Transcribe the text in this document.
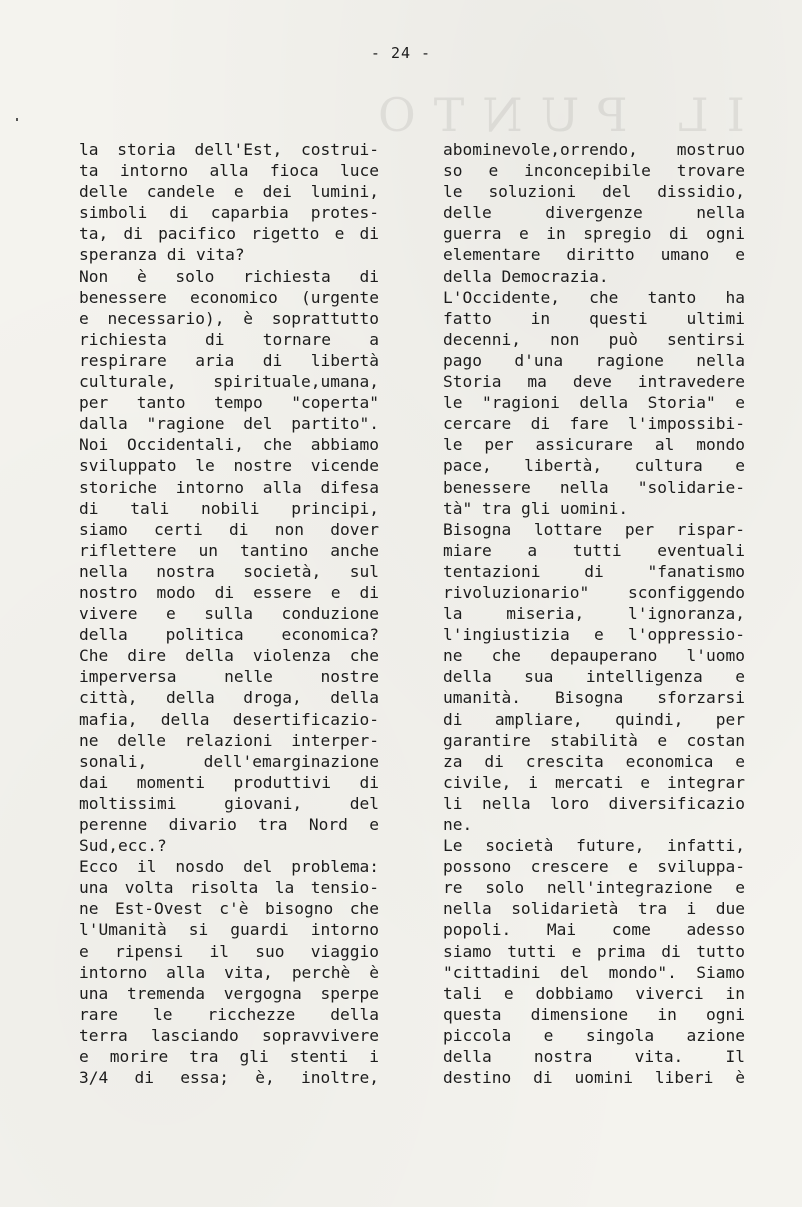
IL PUNTO
- 24 -
la storia dell'Est, costrui-
ta intorno alla fioca luce
delle candele e dei lumini,
simboli di caparbia protes-
ta, di pacifico rigetto e di
speranza di vita?
Non è solo richiesta di
benessere economico (urgente
e necessario), è soprattutto
richiesta di tornare a
respirare aria di libertà
culturale, spirituale,umana,
per tanto tempo "coperta"
dalla "ragione del partito".
Noi Occidentali, che abbiamo
sviluppato le nostre vicende
storiche intorno alla difesa
di tali nobili principi,
siamo certi di non dover
riflettere un tantino anche
nella nostra società, sul
nostro modo di essere e di
vivere e sulla conduzione
della politica economica?
Che dire della violenza che
imperversa nelle nostre
città, della droga, della
mafia, della desertificazio-
ne delle relazioni interper-
sonali, dell'emarginazione
dai momenti produttivi di
moltissimi giovani, del
perenne divario tra Nord e
Sud,ecc.?
Ecco il nosdo del problema:
una volta risolta la tensio-
ne Est-Ovest c'è bisogno che
l'Umanità si guardi intorno
e ripensi il suo viaggio
intorno alla vita, perchè è
una tremenda vergogna sperpe
rare le ricchezze della
terra lasciando sopravvivere
e morire tra gli stenti i
3/4 di essa; è, inoltre,
abominevole,orrendo, mostruo
so e inconcepibile trovare
le soluzioni del dissidio,
delle divergenze nella
guerra e in spregio di ogni
elementare diritto umano e
della Democrazia.
L'Occidente, che tanto ha
fatto in questi ultimi
decenni, non può sentirsi
pago d'una ragione nella
Storia ma deve intravedere
le "ragioni della Storia" e
cercare di fare l'impossibi-
le per assicurare al mondo
pace, libertà, cultura e
benessere nella "solidarie-
tà" tra gli uomini.
Bisogna lottare per rispar-
miare a tutti eventuali
tentazioni di "fanatismo
rivoluzionario" sconfiggendo
la miseria, l'ignoranza,
l'ingiustizia e l'oppressio-
ne che depauperano l'uomo
della sua intelligenza e
umanità. Bisogna sforzarsi
di ampliare, quindi, per
garantire stabilità e costan
za di crescita economica e
civile, i mercati e integrar
li nella loro diversificazio
ne.
Le società future, infatti,
possono crescere e sviluppa-
re solo nell'integrazione e
nella solidarietà tra i due
popoli. Mai come adesso
siamo tutti e prima di tutto
"cittadini del mondo". Siamo
tali e dobbiamo viverci in
questa dimensione in ogni
piccola e singola azione
della nostra vita. Il
destino di uomini liberi è
